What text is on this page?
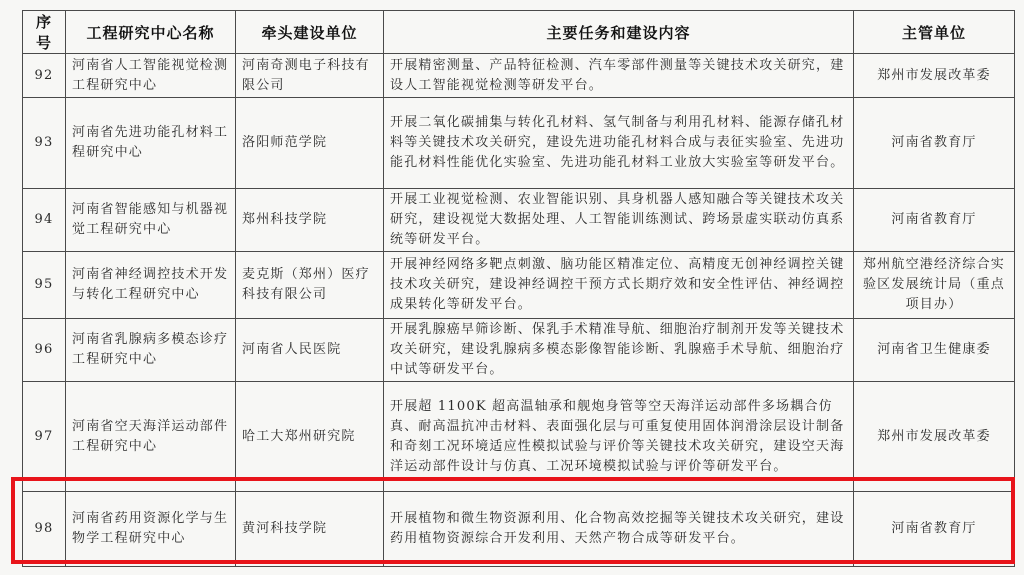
序号	工程研究中心名称	牵头建设单位	主要任务和建设内容	主管单位
92	河南省人工智能视觉检测工程研究中心	河南奇测电子科技有限公司	开展精密测量、产品特征检测、汽车零部件测量等关键技术攻关研究，建设人工智能视觉检测等研发平台。	郑州市发展改革委
93	河南省先进功能孔材料工程研究中心	洛阳师范学院	开展二氧化碳捕集与转化孔材料、氢气制备与利用孔材料、能源存储孔材料等关键技术攻关研究，建设先进功能孔材料合成与表征实验室、先进功能孔材料性能优化实验室、先进功能孔材料工业放大实验室等研发平台。	河南省教育厅
94	河南省智能感知与机器视觉工程研究中心	郑州科技学院	开展工业视觉检测、农业智能识别、具身机器人感知融合等关键技术攻关研究，建设视觉大数据处理、人工智能训练测试、跨场景虚实联动仿真系统等研发平台。	河南省教育厅
95	河南省神经调控技术开发与转化工程研究中心	麦克斯（郑州）医疗科技有限公司	开展神经网络多靶点刺激、脑功能区精准定位、高精度无创神经调控关键技术攻关研究，建设神经调控干预方式长期疗效和安全性评估、神经调控成果转化等研发平台。	郑州航空港经济综合实验区发展统计局（重点项目办）
96	河南省乳腺病多模态诊疗工程研究中心	河南省人民医院	开展乳腺癌早筛诊断、保乳手术精准导航、细胞治疗制剂开发等关键技术攻关研究，建设乳腺病多模态影像智能诊断、乳腺癌手术导航、细胞治疗中试等研发平台。	河南省卫生健康委
97	河南省空天海洋运动部件工程研究中心	哈工大郑州研究院	开展超 1100K 超高温轴承和舰炮身管等空天海洋运动部件多场耦合仿真、耐高温抗冲击材料、表面强化层与可重复使用固体润滑涂层设计制备和奇刻工况环境适应性模拟试验与评价等关键技术攻关研究，建设空天海洋运动部件设计与仿真、工况环境模拟试验与评价等研发平台。	郑州市发展改革委
98	河南省药用资源化学与生物学工程研究中心	黄河科技学院	开展植物和微生物资源利用、化合物高效挖掘等关键技术攻关研究，建设药用植物资源综合开发利用、天然产物合成等研发平台。	河南省教育厅
